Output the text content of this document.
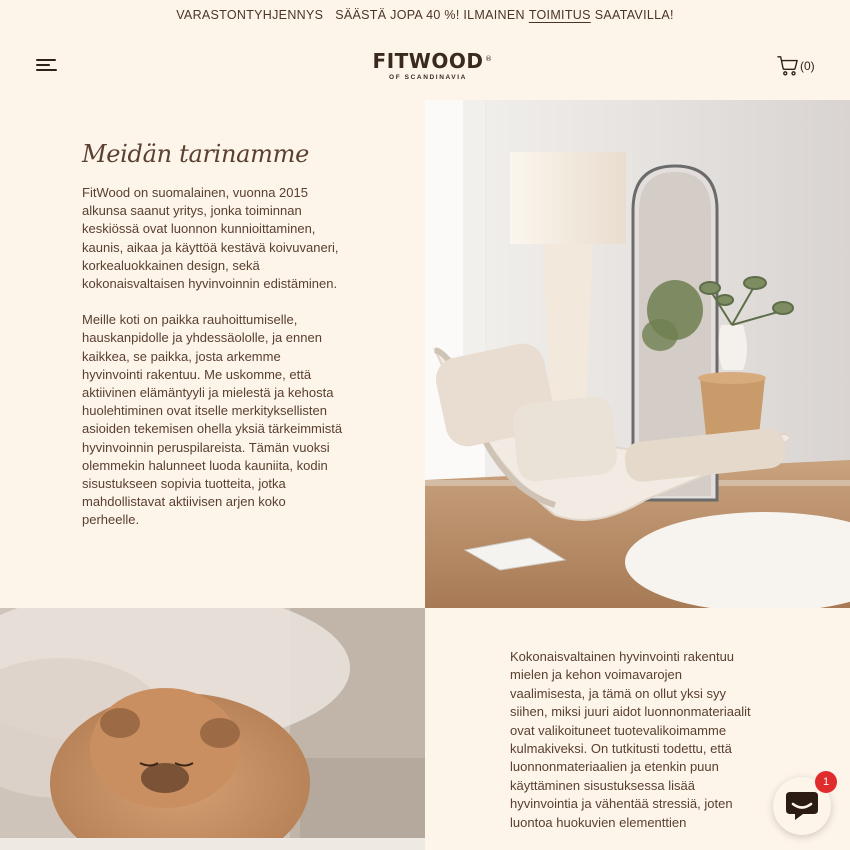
VARASTONTYHJENNYS SÄÄSTÄ JOPA 40 %! ILMAINEN TOIMITUS SAATAVILLA!
FITWOOD ®
OF SCANDINAVIA
(0)
Meidän tarinamme

FitWood on suomalainen, vuonna 2015 alkunsa saanut yritys, jonka toiminnan keskiössä ovat luonnon kunnioittaminen, kaunis, aikaa ja käyttöä kestävä koivuvaneri, korkealuokkainen design, sekä kokonaisvaltaisen hyvinvoinnin edistäminen.

Meille koti on paikka rauhoittumiselle, hauskanpidolle ja yhdessäololle, ja ennen kaikkea, se paikka, josta arkemme hyvinvointi rakentuu. Me uskomme, että aktiivinen elämäntyyli ja mielestä ja kehosta huolehtiminen ovat itselle merkityksellisten asioiden tekemisen ohella yksiä tärkeimmistä hyvinvoinnin peruspilareista. Tämän vuoksi olemmekin halunneet luoda kauniita, kodin sisustukseen sopivia tuotteita, jotka mahdollistavat aktiivisen arjen koko perheelle.

Kokonaisvaltainen hyvinvointi rakentuu mielen ja kehon voimavarojen vaalimisesta, ja tämä on ollut yksi syy siihen, miksi juuri aidot luonnonmateriaalit ovat valikoituneet tuotevalikoimamme kulmakiveksi. On tutkitusti todettu, että luonnonmateriaalien ja etenkin puun käyttäminen sisustuksessa lisää hyvinvointia ja vähentää stressiä, joten luontoa huokuvien elementtien

1
